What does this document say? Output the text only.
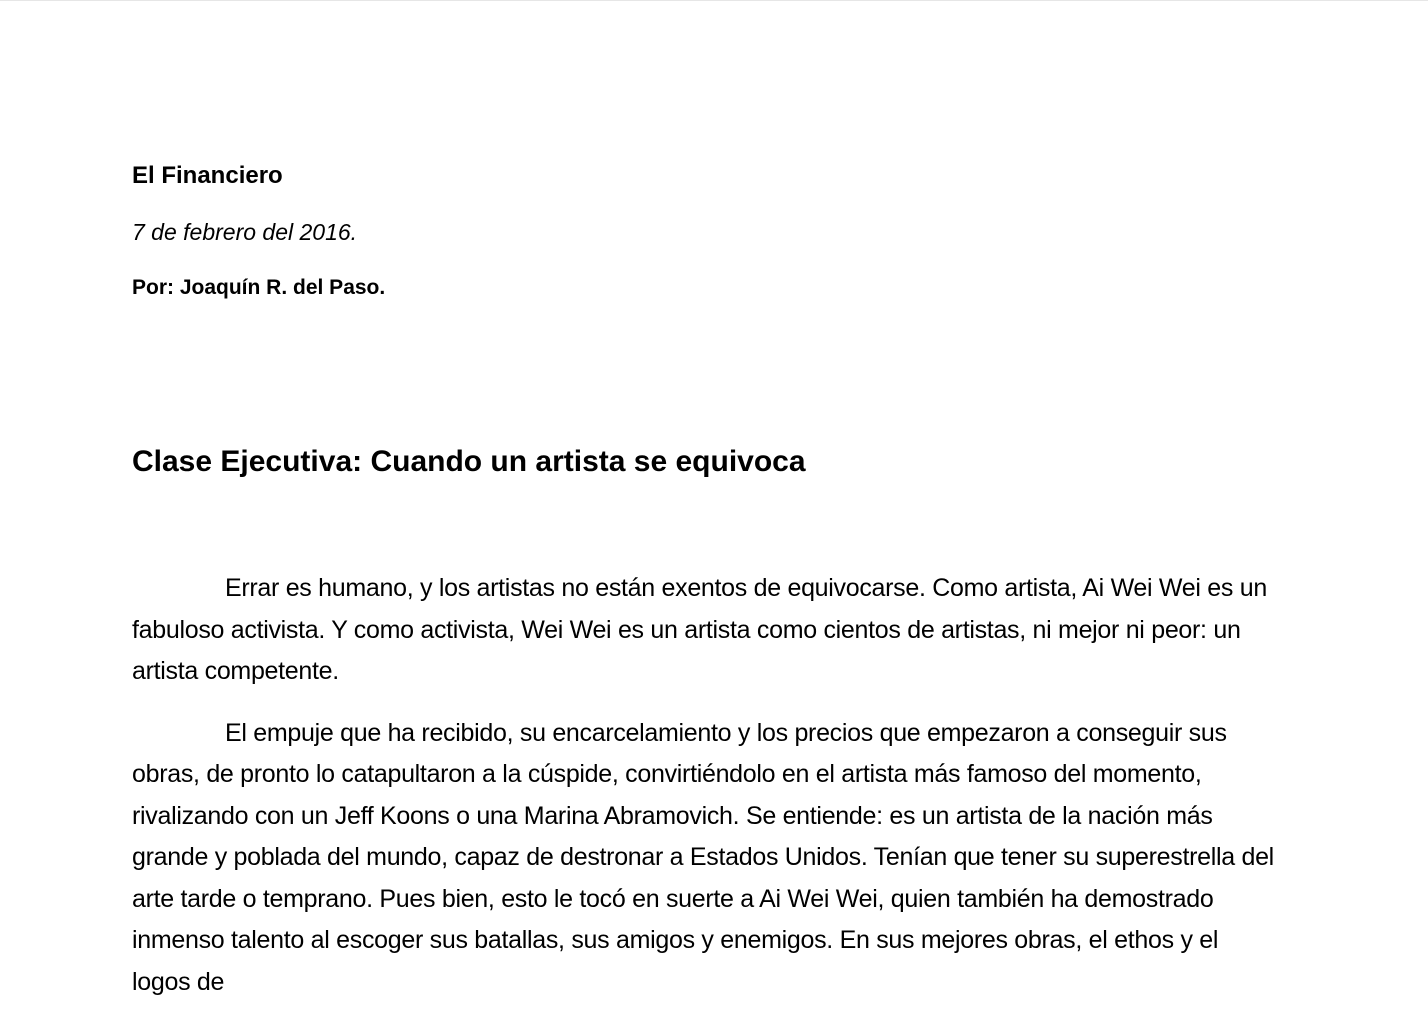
El Financiero

7 de febrero del 2016.

Por: Joaquín R. del Paso.

Clase Ejecutiva: Cuando un artista se equivoca

Errar es humano, y los artistas no están exentos de equivocarse. Como artista, Ai Wei Wei es un fabuloso activista. Y como activista, Wei Wei es un artista como cientos de artistas, ni mejor ni peor: un artista competente.

El empuje que ha recibido, su encarcelamiento y los precios que empezaron a conseguir sus obras, de pronto lo catapultaron a la cúspide, convirtiéndolo en el artista más famoso del momento, rivalizando con un Jeff Koons o una Marina Abramovich. Se entiende: es un artista de la nación más grande y poblada del mundo, capaz de destronar a Estados Unidos. Tenían que tener su superestrella del arte tarde o temprano. Pues bien, esto le tocó en suerte a Ai Wei Wei, quien también ha demostrado inmenso talento al escoger sus batallas, sus amigos y enemigos. En sus mejores obras, el ethos y el logos de
